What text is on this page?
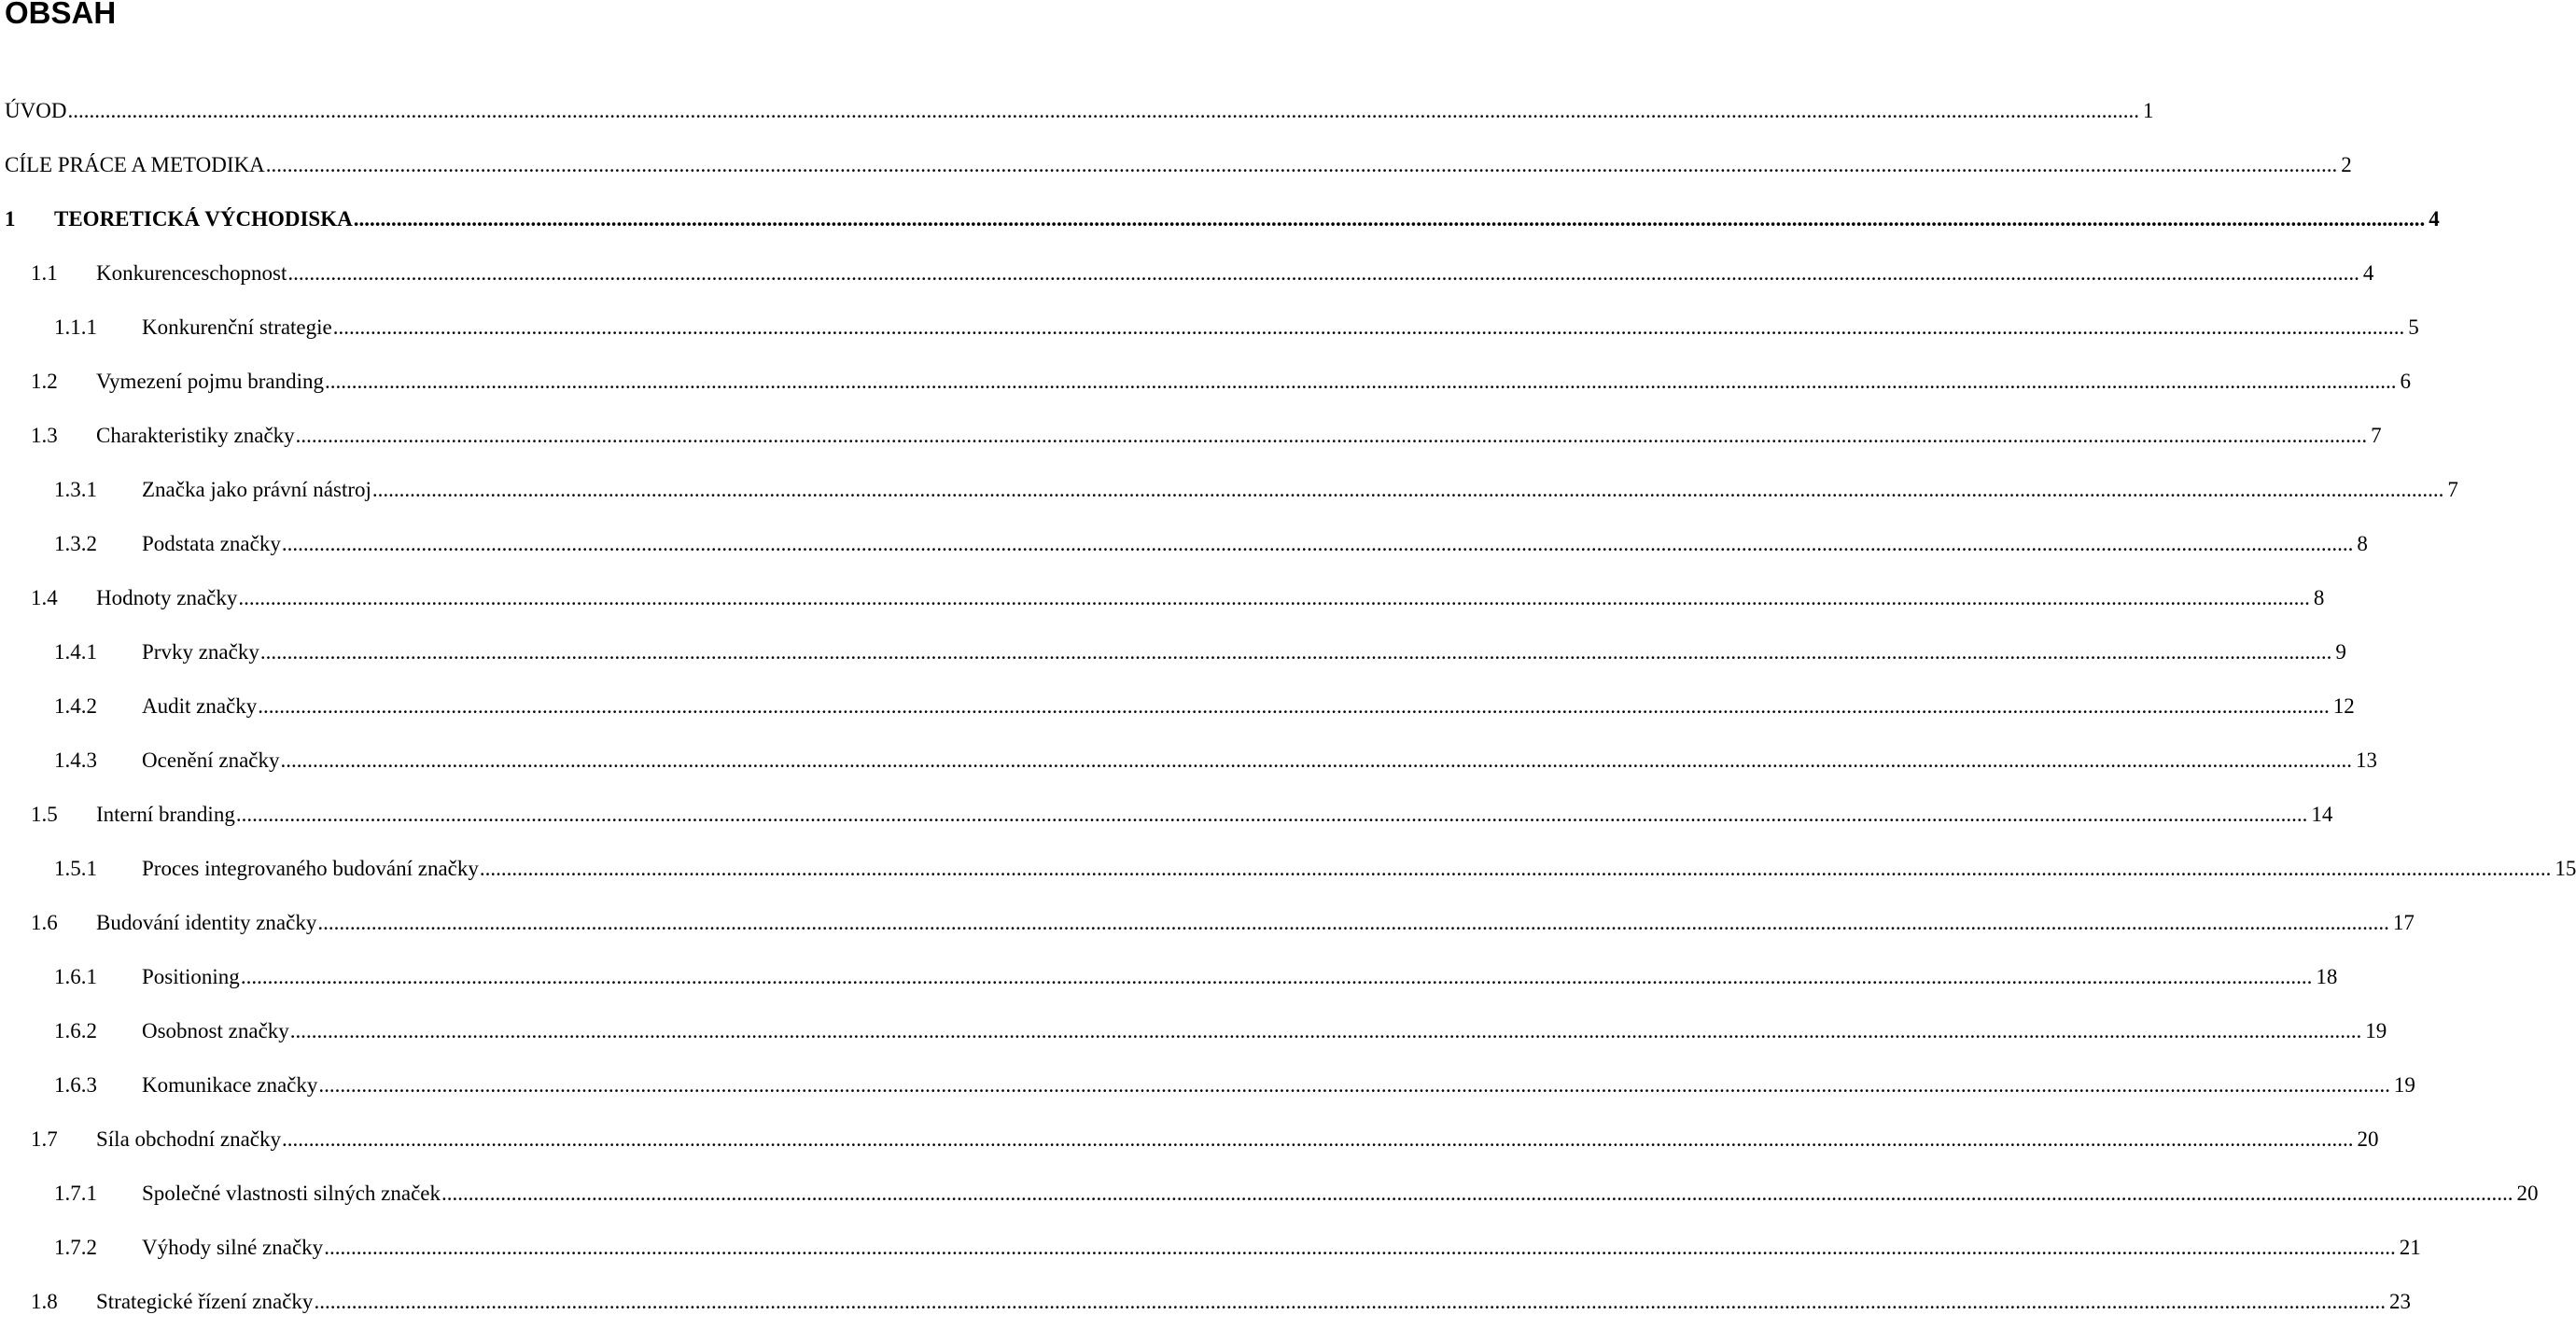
OBSAH
ÚVOD .................................................................................................................................................................................................................................................................................................................................................................................................. 1
CÍLE PRÁCE A METODIKA .................................................................................................................................................................................................................................................................................................................................................................................................. 2
1 TEORETICKÁ VÝCHODISKA .................................................................................................................................................................................................................................................................................................................................................................................................. 4
1.1 Konkurenceschopnost .................................................................................................................................................................................................................................................................................................................................................................................................. 4
1.1.1 Konkurenční strategie .................................................................................................................................................................................................................................................................................................................................................................................................. 5
1.2 Vymezení pojmu branding .................................................................................................................................................................................................................................................................................................................................................................................................. 6
1.3 Charakteristiky značky .................................................................................................................................................................................................................................................................................................................................................................................................. 7
1.3.1 Značka jako právní nástroj .................................................................................................................................................................................................................................................................................................................................................................................................. 7
1.3.2 Podstata značky .................................................................................................................................................................................................................................................................................................................................................................................................. 8
1.4 Hodnoty značky .................................................................................................................................................................................................................................................................................................................................................................................................. 8
1.4.1 Prvky značky .................................................................................................................................................................................................................................................................................................................................................................................................. 9
1.4.2 Audit značky .................................................................................................................................................................................................................................................................................................................................................................................................. 12
1.4.3 Ocenění značky .................................................................................................................................................................................................................................................................................................................................................................................................. 13
1.5 Interní branding .................................................................................................................................................................................................................................................................................................................................................................................................. 14
1.5.1 Proces integrovaného budování značky .................................................................................................................................................................................................................................................................................................................................................................................................. 15
1.6 Budování identity značky .................................................................................................................................................................................................................................................................................................................................................................................................. 17
1.6.1 Positioning .................................................................................................................................................................................................................................................................................................................................................................................................. 18
1.6.2 Osobnost značky .................................................................................................................................................................................................................................................................................................................................................................................................. 19
1.6.3 Komunikace značky .................................................................................................................................................................................................................................................................................................................................................................................................. 19
1.7 Síla obchodní značky .................................................................................................................................................................................................................................................................................................................................................................................................. 20
1.7.1 Společné vlastnosti silných značek .................................................................................................................................................................................................................................................................................................................................................................................................. 20
1.7.2 Výhody silné značky .................................................................................................................................................................................................................................................................................................................................................................................................. 21
1.8 Strategické řízení značky .................................................................................................................................................................................................................................................................................................................................................................................................. 23
